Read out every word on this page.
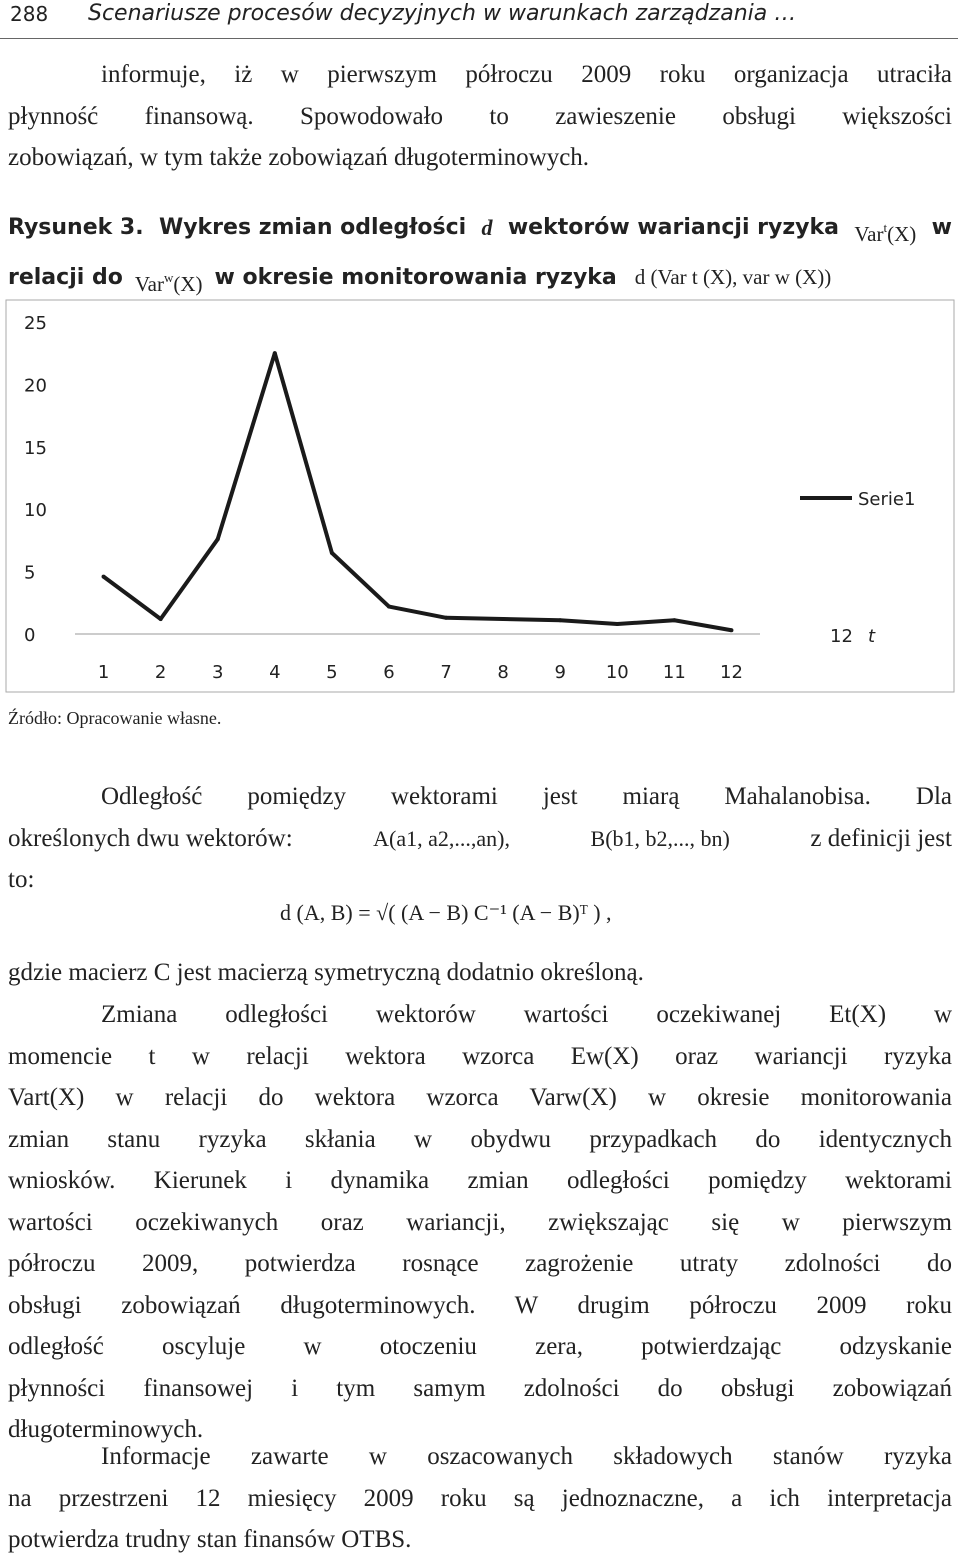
288 Scenariusze procesów decyzyjnych w warunkach zarządzania …
informuje, iż w pierwszym półroczu 2009 roku organizacja utraciła
płynność finansową. Spowodowało to zawieszenie obsługi większości
zobowiązań, w tym także zobowiązań długoterminowych.
Rysunek 3. Wykres zmian odległości d wektorów wariancji ryzyka Var$^t$(X) w
relacji do Var$^w$(X) w okresie monitorowania ryzyka d (Var t (X), var w (X))
0
5
10
15
20
25
1	2	3	4	5	6	7	8	9 10 11 12
Serie1
12 t
Źródło: Opracowanie własne.
Odległość pomiędzy wektorami jest miarą Mahalanobisa. Dla
określonych dwu wektorów:	A(a1, a2,...,an),	B(b1, b2,..., bn)	z definicji jest
to:
d (A, B) = √( (A − B) C⁻¹ (A − B)ᵀ ) ,
gdzie macierz C jest macierzą symetryczną dodatnio określoną.
Zmiana odległości wektorów wartości oczekiwanej Et(X) w
momencie t w relacji wektora wzorca Ew(X) oraz wariancji ryzyka
Vart(X) w relacji do wektora wzorca Varw(X) w okresie monitorowania
zmian stanu ryzyka skłania w obydwu przypadkach do identycznych
wniosków. Kierunek i dynamika zmian odległości pomiędzy wektorami
wartości oczekiwanych oraz wariancji, zwiększając się w pierwszym
półroczu 2009, potwierdza rosnące zagrożenie utraty zdolności do
obsługi zobowiązań długoterminowych. W drugim półroczu 2009 roku
odległość oscyluje w otoczeniu zera, potwierdzając odzyskanie
płynności finansowej i tym samym zdolności do obsługi zobowiązań
długoterminowych.
Informacje zawarte w oszacowanych składowych stanów ryzyka
na przestrzeni 12 miesięcy 2009 roku są jednoznaczne, a ich interpretacja
potwierdza trudny stan finansów OTBS.
